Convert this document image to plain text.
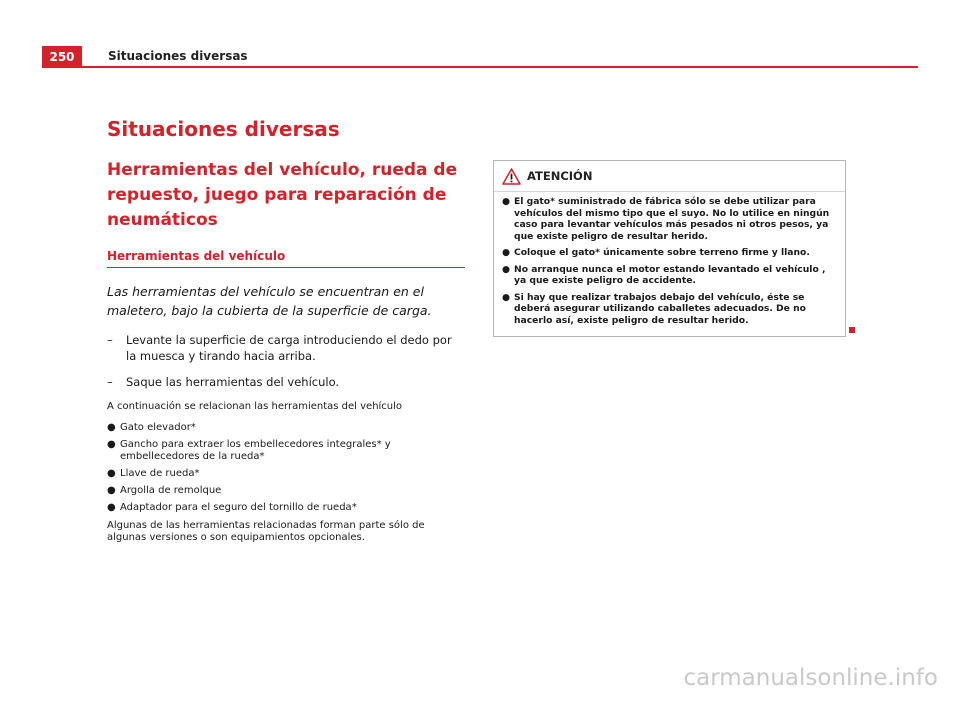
250	Situaciones diversas
Situaciones diversas
Herramientas del vehículo, rueda de repuesto, juego para reparación de neumáticos
Herramientas del vehículo
Las herramientas del vehículo se encuentran en el maletero, bajo la cubierta de la superficie de carga.
–	Levante la superficie de carga introduciendo el dedo por la muesca y tirando hacia arriba.
–	Saque las herramientas del vehículo.
A continuación se relacionan las herramientas del vehículo
● Gato elevador*
● Gancho para extraer los embellecedores integrales* y embellecedores de la rueda*
● Llave de rueda*
● Argolla de remolque
● Adaptador para el seguro del tornillo de rueda*
Algunas de las herramientas relacionadas forman parte sólo de algunas versiones o son equipamientos opcionales.
ATENCIÓN
● El gato* suministrado de fábrica sólo se debe utilizar para vehículos del mismo tipo que el suyo. No lo utilice en ningún caso para levantar vehículos más pesados ni otros pesos, ya que existe peligro de resultar herido.
● Coloque el gato* únicamente sobre terreno firme y llano.
● No arranque nunca el motor estando levantado el vehículo , ya que existe peligro de accidente.
● Si hay que realizar trabajos debajo del vehículo, éste se deberá asegurar utilizando caballetes adecuados. De no hacerlo así, existe peligro de resultar herido.
carmanualsonline.info
